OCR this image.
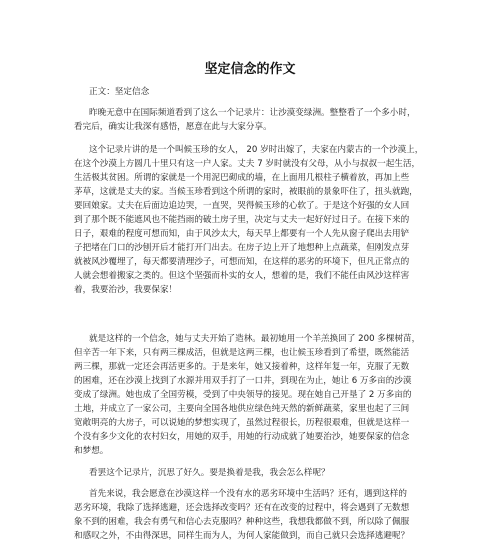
坚定信念的作文
正文：坚定信念
昨晚无意中在国际频道看到了这么一个记录片：让沙漠变绿洲。整整看了一个多小时，
看完后，确实让我深有感悟，愿意在此与大家分享。
这个记录片讲的是一个叫候玉珍的女人， 20 岁时出嫁了，夫家在内蒙古的一个沙漠上，
在这个沙漠上方圆几十里只有这一户人家。丈夫 7 岁时就没有父母，从小与叔叔一起生活，
生活极其贫困。所谓的家就是一个用泥巴砌成的墙，在上面用几根柱子横着放，再加上些
茅草，这就是丈夫的家。当候玉珍看到这个所谓的家时，被眼前的景象吓住了，扭头就跑，
要回娘家。丈夫在后面边追边哭，一直哭，哭得候玉珍的心软了。于是这个好强的女人回
到了那个既不能遮风也不能挡雨的破土房子里，决定与丈夫一起好好过日子。在接下来的
日子，艰难的程度可想而知，由于风沙太大，每天早上都要有一个人先从窗子爬出去用铲
子把堵在门口的沙刨开后才能打开门出去。在房子边上开了地想种上点蔬菜，但刚发点芽
就被风沙覆埋了，每天都要清理沙子，可想而知，在这样的恶劣的环境下，但凡正常点的
人就会想着搬家之类的。但这个坚强而朴实的女人，想着的是，我们不能任由风沙这样害
着，我要治沙，我要保家！
就是这样的一个信念，她与丈夫开始了造林。最初她用一个羊羔换回了 200 多棵树苗，
但辛苦一年下来，只有两三棵成活，但就是这两三棵，也让候玉珍看到了希望，既然能活
两三棵，那就一定还会再活更多的。于是来年，她又接着种，这样年复一年，克服了无数
的困难，还在沙漠上找到了水源并用双手打了一口井，到现在为止，她让 6 万多亩的沙漠
变成了绿洲。她也成了全国劳模，受到了中央领导的接见。现在她自己开垦了 2 万多亩的
土地，并成立了一家公司，主要向全国各地供应绿色纯天然的新鲜蔬菜，家里也起了三间
宽敞明亮的大房子，可以说她的梦想实现了，虽然过程很长，历程很艰难，但就是这样一
个没有多少文化的农村妇女，用她的双手，用她的行动成就了她要治沙，她要保家的信念
和梦想。
看罢这个记录片，沉思了好久。要是换着是我，我会怎么样呢？
首先来说，我会愿意在沙漠这样一个没有水的恶劣环境中生活吗？还有，遇到这样的
恶劣环境，我除了选择逃避，还会选择改变吗？还有在改变的过程中，将会遇到了无数想
象不到的困难，我会有勇气和信心去克服吗？种种这些，我想我都做不到，所以除了佩服
和感叹之外，不由得深思，同样生而为人，为何人家能做到，而自己就只会选择逃避呢？
